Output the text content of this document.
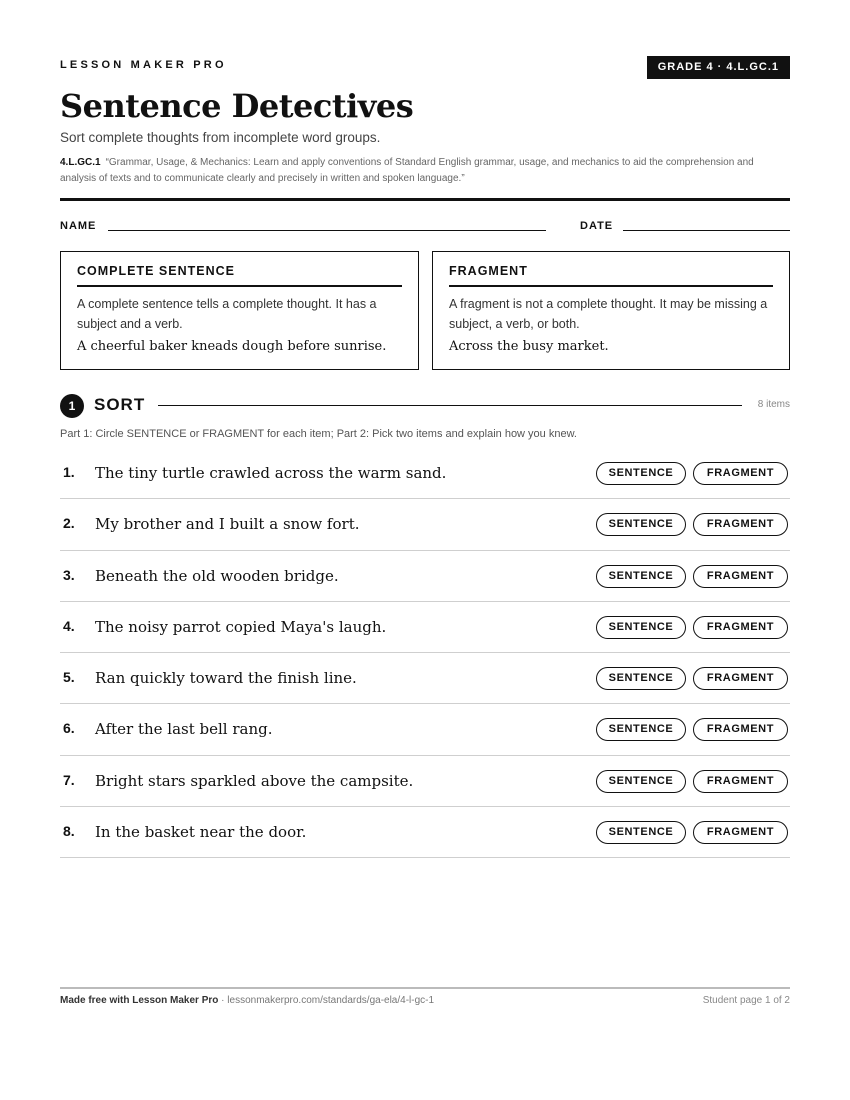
LESSON MAKER PRO	GRADE 4 · 4.L.GC.1
Sentence Detectives
Sort complete thoughts from incomplete word groups.
4.L.GC.1 “Grammar, Usage, & Mechanics: Learn and apply conventions of Standard English grammar, usage, and mechanics to aid the comprehension and analysis of texts and to communicate clearly and precisely in written and spoken language.”
NAME	DATE
COMPLETE SENTENCE
A complete sentence tells a complete thought. It has a subject and a verb.
A cheerful baker kneads dough before sunrise.
FRAGMENT
A fragment is not a complete thought. It may be missing a subject, a verb, or both.
Across the busy market.
1	SORT	8 items
Part 1: Circle SENTENCE or FRAGMENT for each item; Part 2: Pick two items and explain how you knew.
1. The tiny turtle crawled across the warm sand.	SENTENCE	FRAGMENT
2. My brother and I built a snow fort.	SENTENCE	FRAGMENT
3. Beneath the old wooden bridge.	SENTENCE	FRAGMENT
4. The noisy parrot copied Maya's laugh.	SENTENCE	FRAGMENT
5. Ran quickly toward the finish line.	SENTENCE	FRAGMENT
6. After the last bell rang.	SENTENCE	FRAGMENT
7. Bright stars sparkled above the campsite.	SENTENCE	FRAGMENT
8. In the basket near the door.	SENTENCE	FRAGMENT
Made free with Lesson Maker Pro · lessonmakerpro.com/standards/ga-ela/4-l-gc-1	Student page 1 of 2
